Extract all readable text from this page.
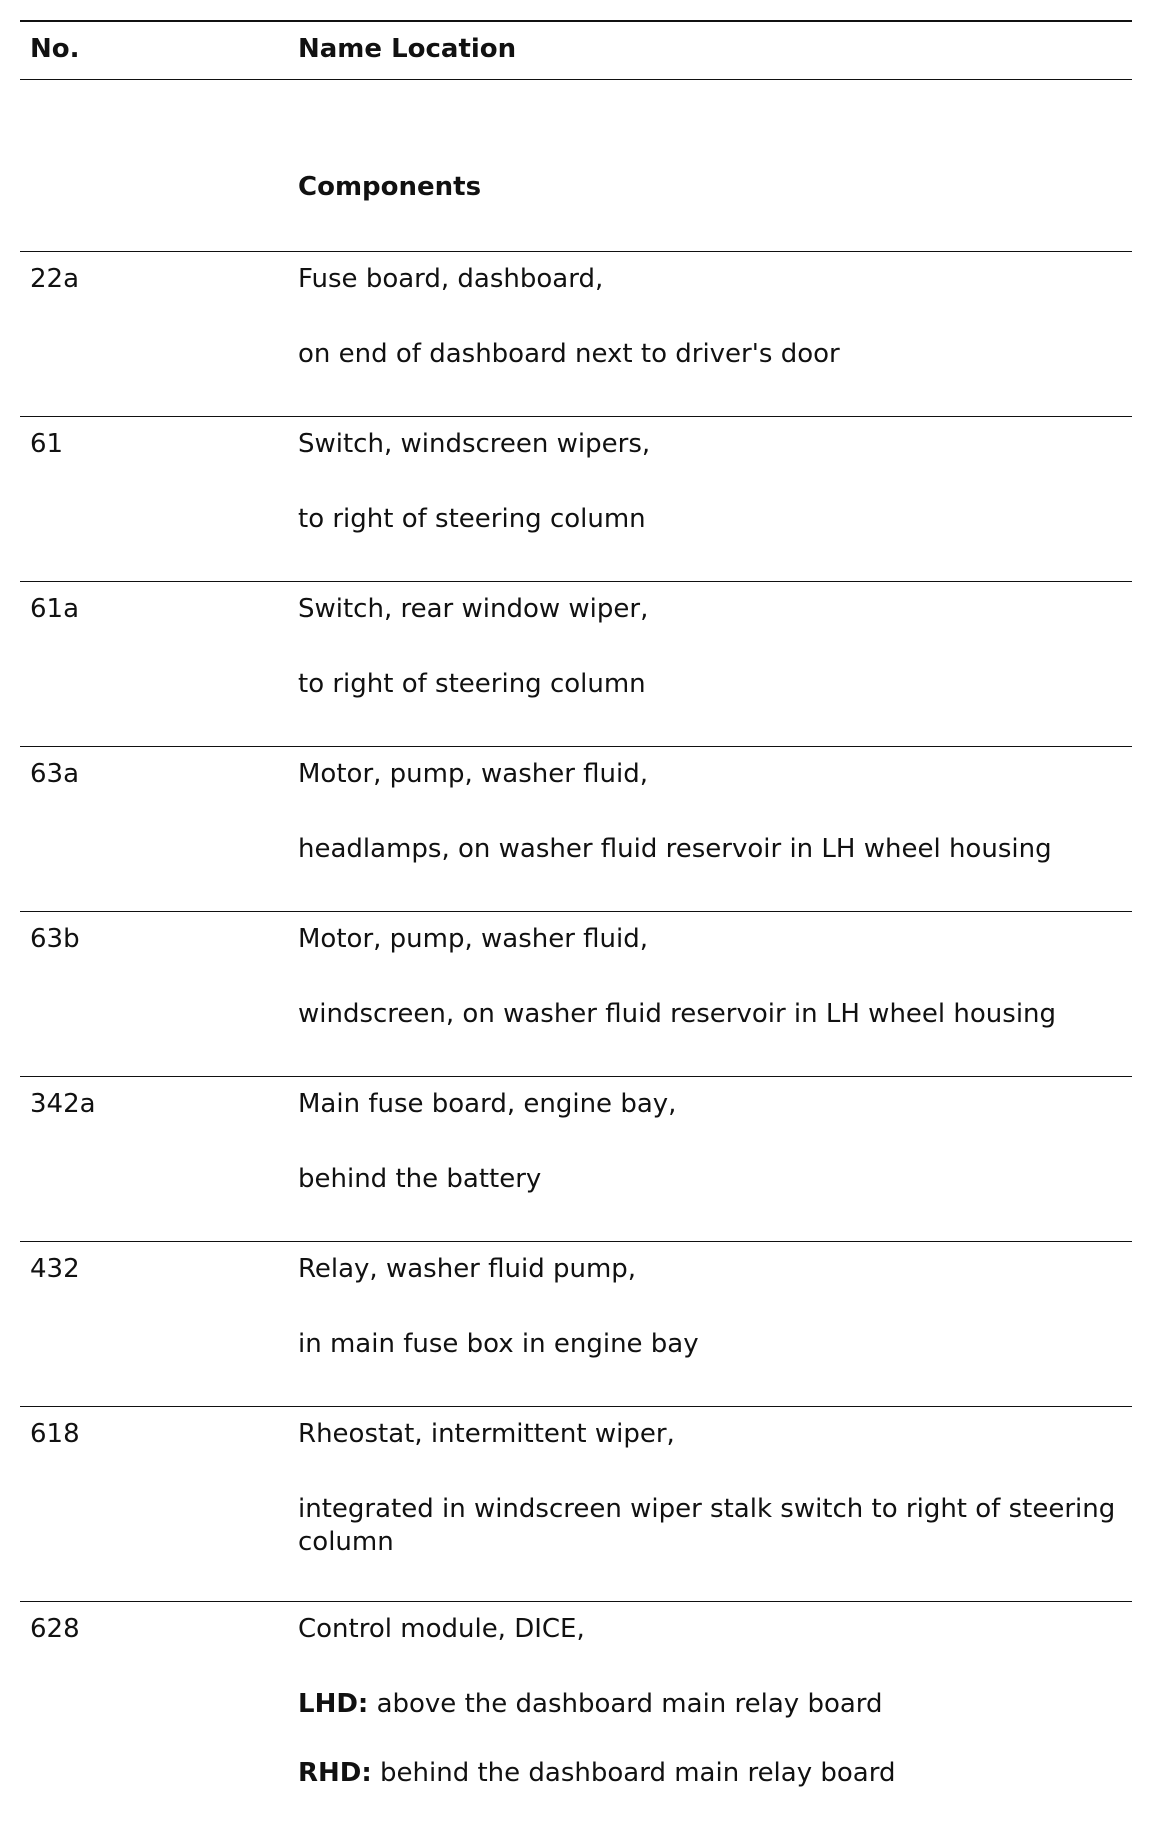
No.	Name Location
Components
22a	Fuse board, dashboard,
on end of dashboard next to driver's door
61	Switch, windscreen wipers,
to right of steering column
61a	Switch, rear window wiper,
to right of steering column
63a	Motor, pump, washer fluid,
headlamps, on washer fluid reservoir in LH wheel housing
63b	Motor, pump, washer fluid,
windscreen, on washer fluid reservoir in LH wheel housing
342a	Main fuse board, engine bay,
behind the battery
432	Relay, washer fluid pump,
in main fuse box in engine bay
618	Rheostat, intermittent wiper,
integrated in windscreen wiper stalk switch to right of steering column
628	Control module, DICE,
LHD: above the dashboard main relay board
RHD: behind the dashboard main relay board
